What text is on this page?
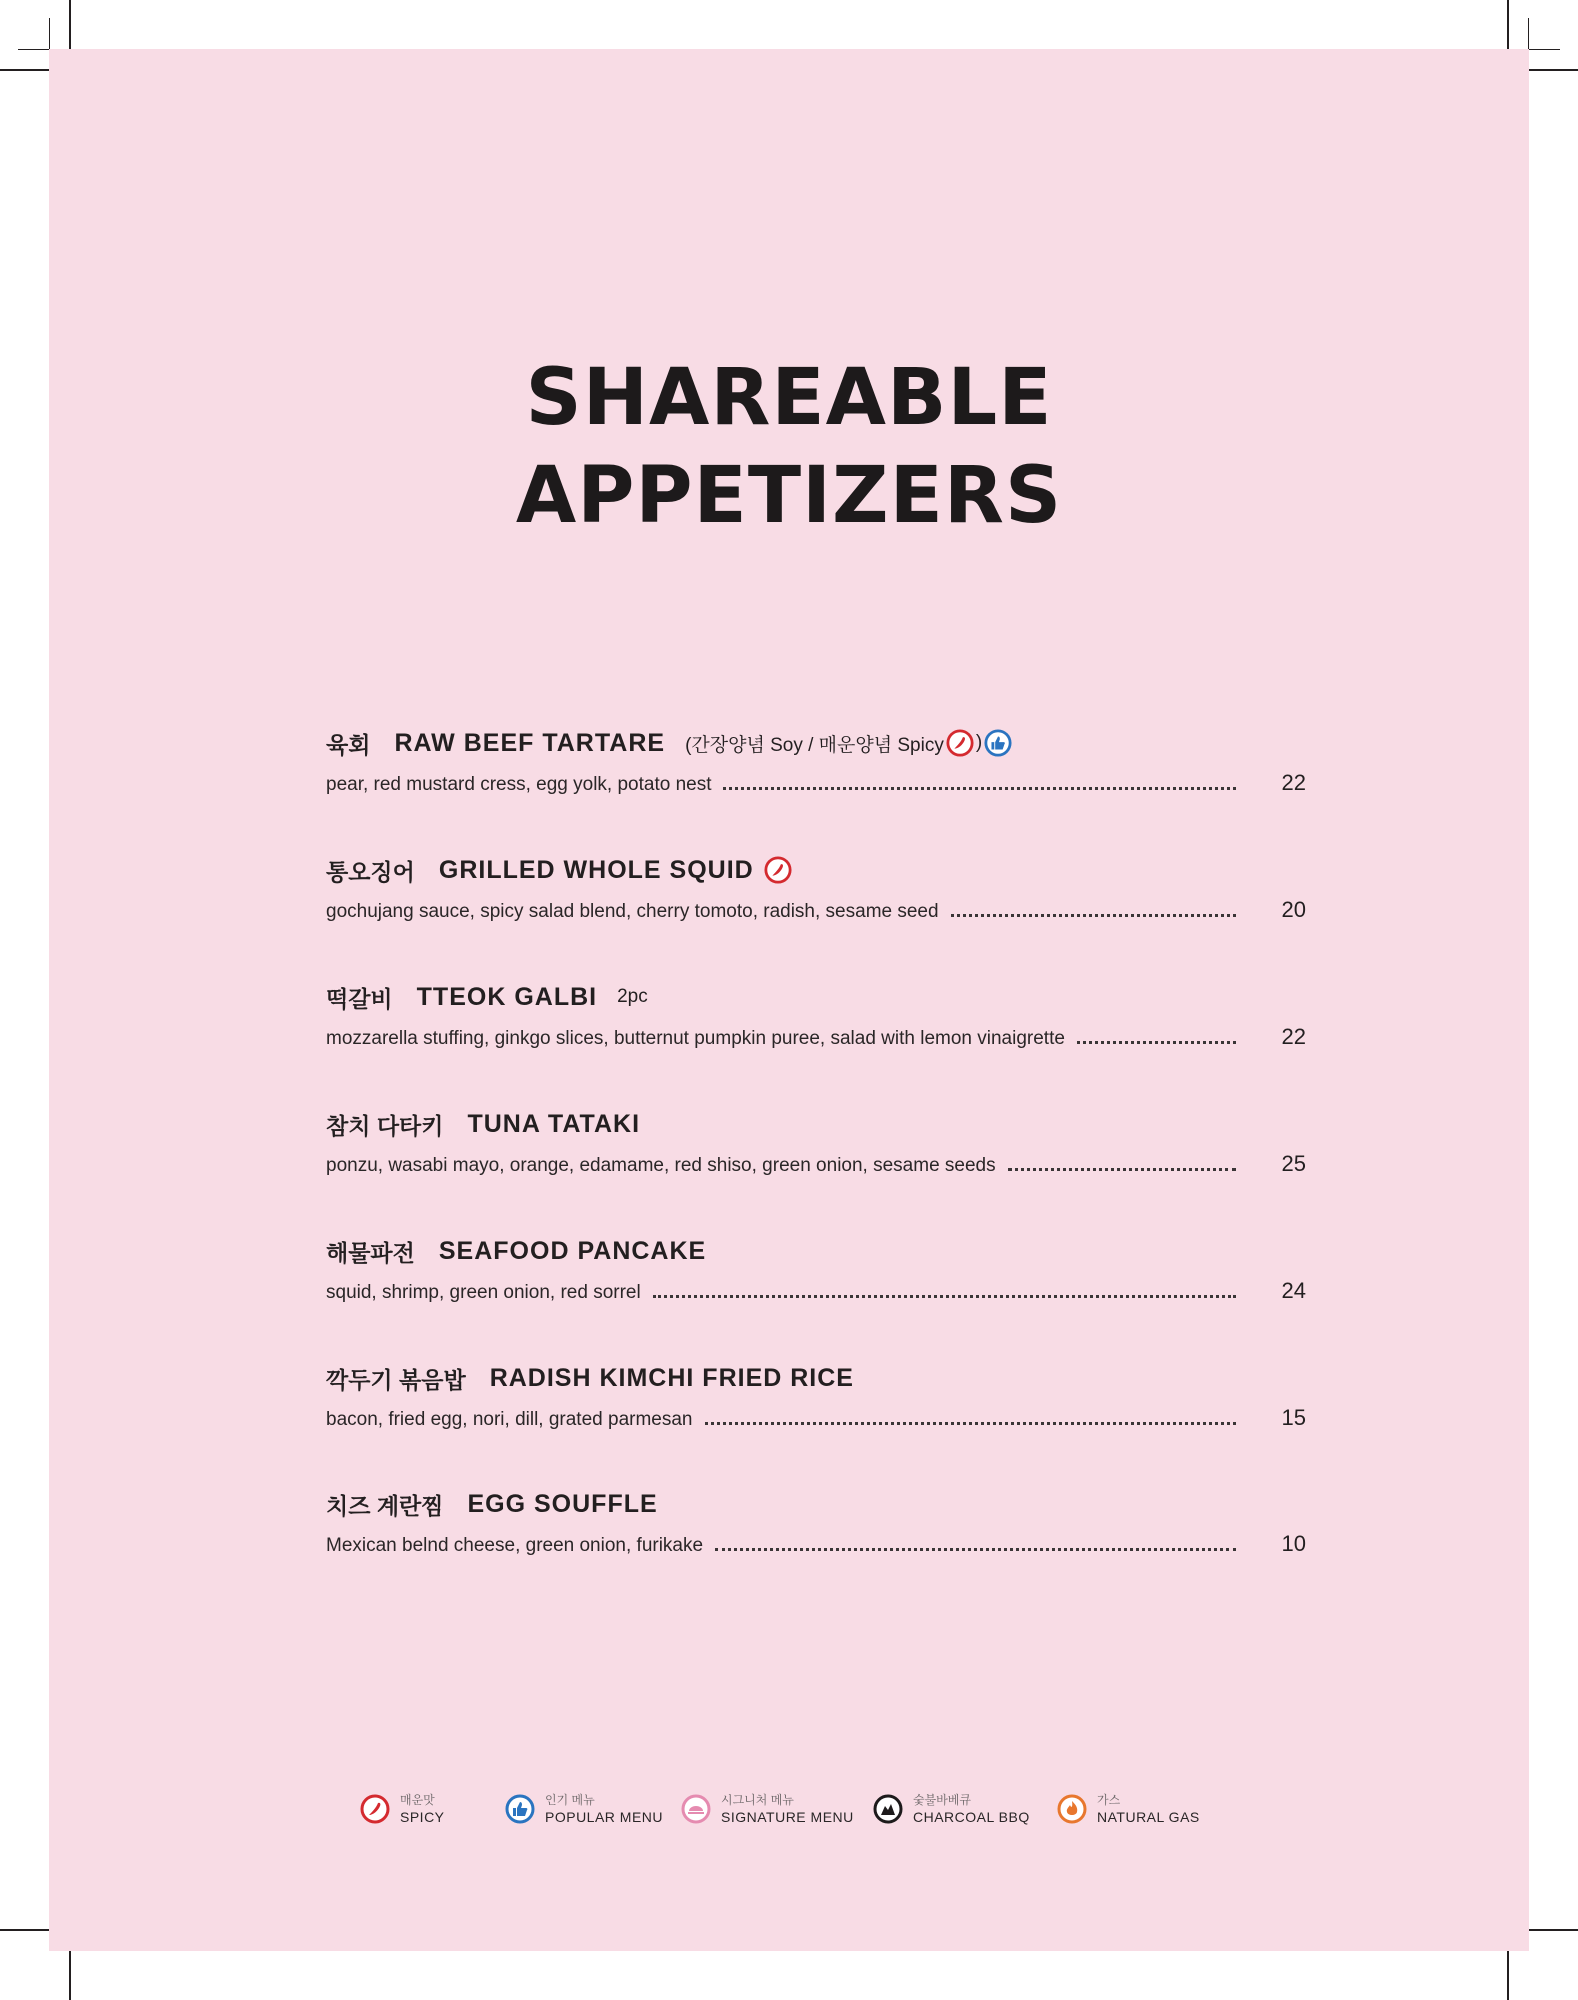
SHAREABLE
APPETIZERS
육회 RAW BEEF TARTARE (간장양념 Soy / 매운양념 Spicy )
pear, red mustard cress, egg yolk, potato nest	22
통오징어 GRILLED WHOLE SQUID
gochujang sauce, spicy salad blend, cherry tomoto, radish, sesame seed	20
떡갈비 TTEOK GALBI 2pc
mozzarella stuffing, ginkgo slices, butternut pumpkin puree, salad with lemon vinaigrette	22
참치 다타키 TUNA TATAKI
ponzu, wasabi mayo, orange, edamame, red shiso, green onion, sesame seeds	25
해물파전 SEAFOOD PANCAKE
squid, shrimp, green onion, red sorrel	24
깍두기 볶음밥 RADISH KIMCHI FRIED RICE
bacon, fried egg, nori, dill, grated parmesan	15
치즈 계란찜 EGG SOUFFLE
Mexican belnd cheese, green onion, furikake	10
매운맛
SPICY
인기 메뉴
POPULAR MENU
시그니처 메뉴
SIGNATURE MENU
숯불바베큐
CHARCOAL BBQ
가스
NATURAL GAS
